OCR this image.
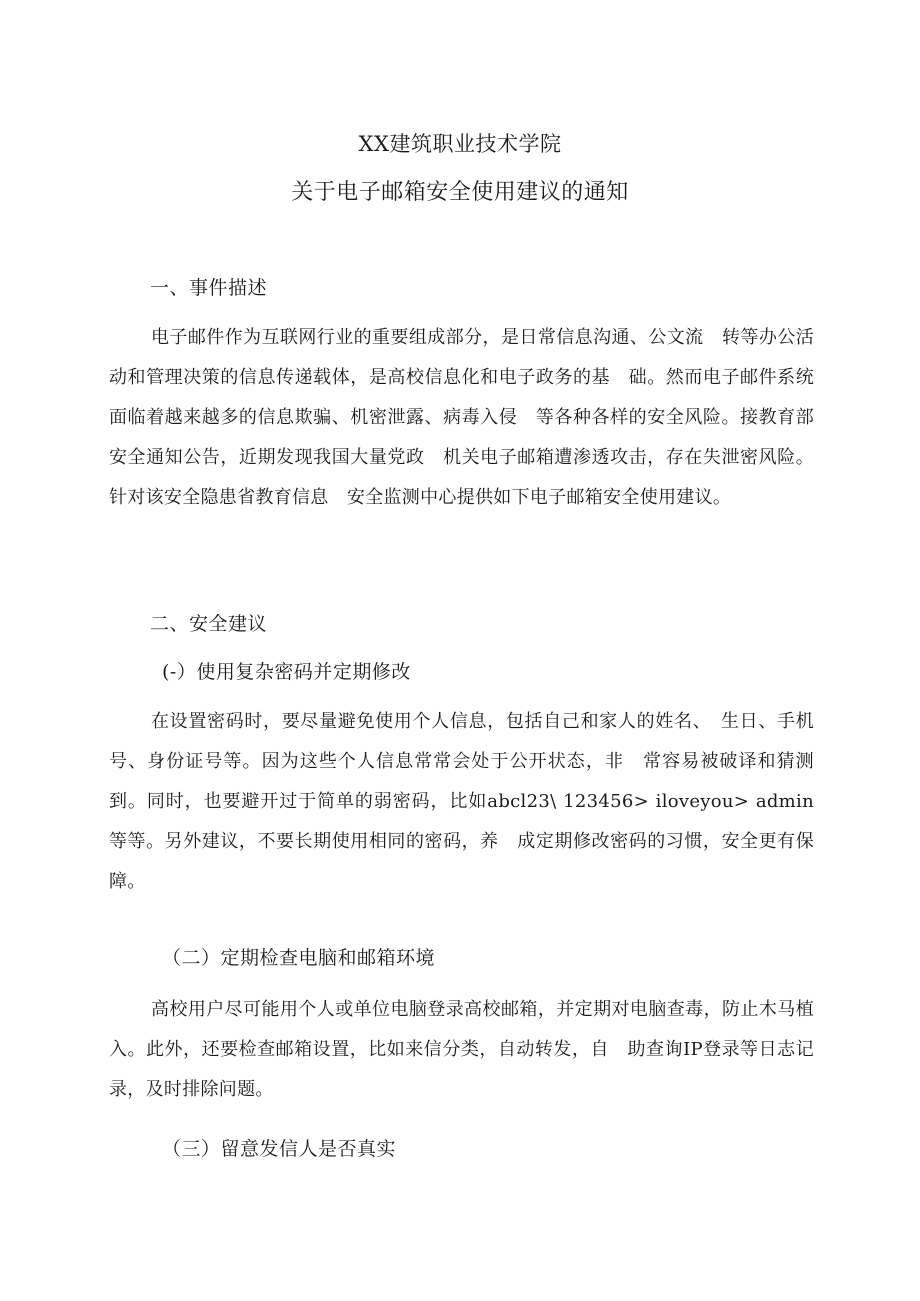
XX建筑职业技术学院
关于电子邮箱安全使用建议的通知
一、事件描述

电子邮件作为互联网行业的重要组成部分，是日常信息沟通、公文流　转等办公活动和管理决策的信息传递载体，是高校信息化和电子政务的基　础。然而电子邮件系统面临着越来越多的信息欺骗、机密泄露、病毒入侵　等各种各样的安全风险。接教育部安全通知公告，近期发现我国大量党政　机关电子邮箱遭渗透攻击，存在失泄密风险。针对该安全隐患省教育信息　安全监测中心提供如下电子邮箱安全使用建议。

二、安全建议
(-）使用复杂密码并定期修改

在设置密码时，要尽量避免使用个人信息，包括自己和家人的姓名、　生日、手机号、身份证号等。因为这些个人信息常常会处于公开状态，非　常容易被破译和猜测到。同时，也要避开过于简单的弱密码，比如abcl23\ 123456> iloveyou> admin等等。另外建议，不要长期使用相同的密码，养　成定期修改密码的习惯，安全更有保障。

（二）定期检查电脑和邮箱环境

高校用户尽可能用个人或单位电脑登录高校邮箱，并定期对电脑查毒，防止木马植入。此外，还要检查邮箱设置，比如来信分类，自动转发，自　助查询IP登录等日志记录，及时排除问题。

（三）留意发信人是否真实
